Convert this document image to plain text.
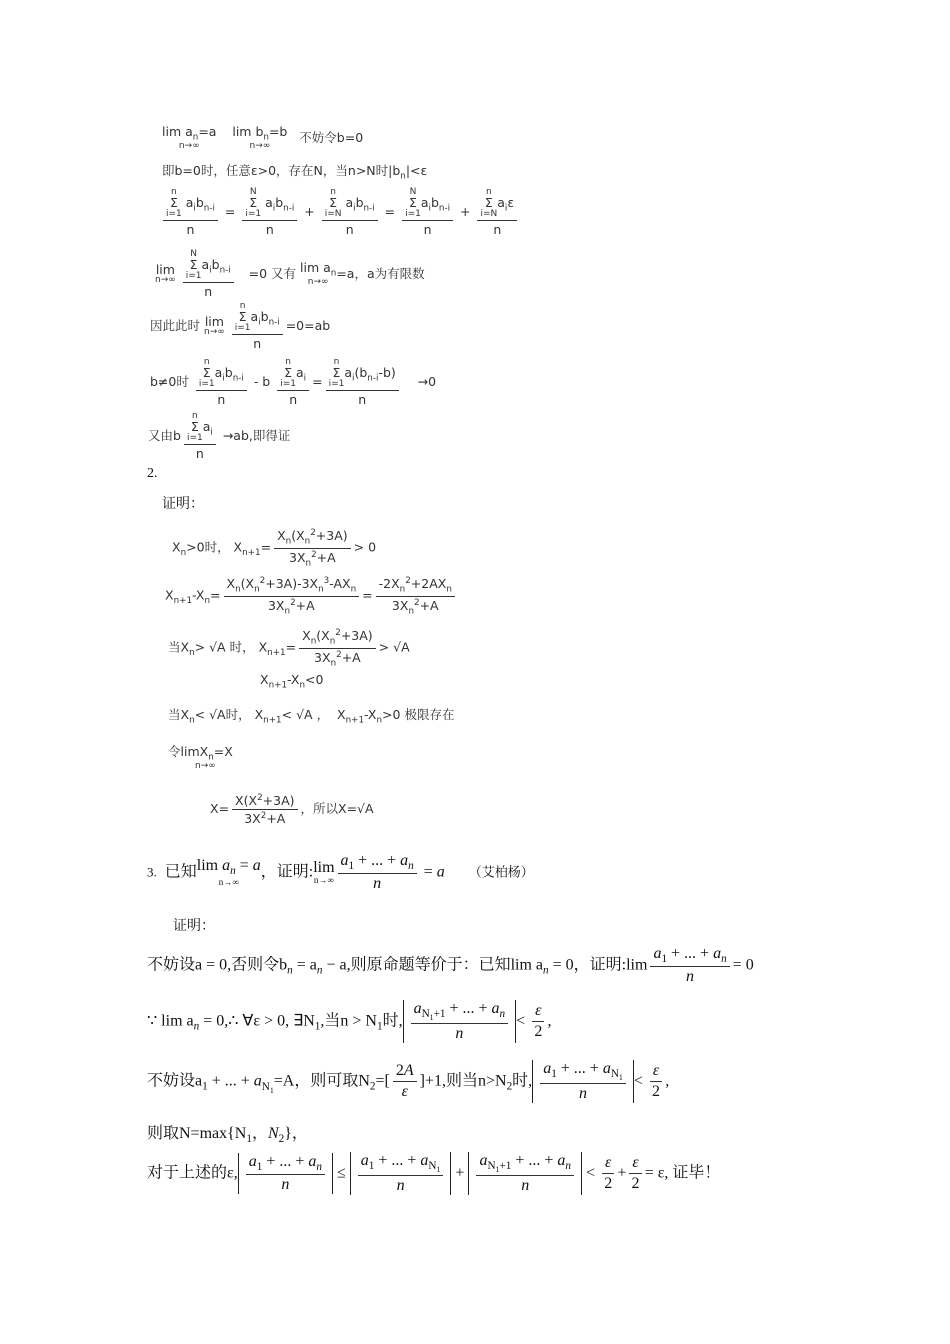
$\lim a_n=a$
n→∞
$\lim b_n=b$
n→∞
不妨令b=0
即b=0时，任意ε>0，存在N，当n>N时$|b_n|<\varepsilon$
n
Σ
i=1
$a_ib_{n-i}$
n = N
Σ
i=1
$a_ib_{n-i}$
n + n
Σ
i=N
$a_ib_{n-i}$
n = N
Σ
i=1
$a_ib_{n-i}$
n + n
Σ
i=N
$a_i\varepsilon$
n
lim
n→∞
N
Σ
i=1
$a_ib_{n-i}$
n =0 又有 $\lim a_n$
n→∞
=a，a为有限数
因此此时 lim
n→∞
n
Σ
i=1
$a_ib_{n-i}$
n =0=ab
b≠0时 n
Σ
i=1
$a_ib_{n-i}$
n - b n
Σ
i=1
$a_i$
n = n
Σ
i=1
$a_i(b_{n-i}-b)$
n →0
又由b n
Σ
i=1
$a_i$
n →ab,即得证
2.
证明：
$X_n>0$时， $X_{n+1}= \frac{X_n(X_n^2+3A)}{3X_n^2+A} > 0$
$X_{n+1}-X_n= \frac{X_n(X_n^2+3A)-3X_n^3-AX_n}{3X_n^2+A} = \frac{-2X_n^2+2AX_n}{3X_n^2+A}$
当$X_n> √A$ 时， $X_{n+1}= \frac{X_n(X_n^2+3A)}{3X_n^2+A} > √A$
$X_{n+1}-X_n<0$
当$X_n< √A$时， $X_{n+1}< √A$ ，  $X_{n+1}-X_n>0$ 极限存在
令limX$_n$=X
n→∞
$X= \frac{X(X^2+3A)}{3X^2+A}$ ，所以X=√A
3. 已知$\lim a_n = a$
n→∞
，证明:lim
$n\to\infty \frac{a_1 + ... + a_n}{n} = a$ （艾柏杨）
证明：
不妨设a = 0,否则令$b_n = a_n - a$,则原命题等价于：已知$\lim a_n = 0$，证明:lim $\frac{a_1 + ... + a_n}{n} = 0$
∵ $\lim a_n$ = 0,∴ ∀ε > 0, $\exists N_1$,当$n > N_1$时, $\frac{a_{N_1+1} + ... + a_n}{n} < \frac{\varepsilon}{2}$ ,
不妨设$a_1$ + ... + $a_{N_1}=A$，则可取$N_2=[ \frac{2A}{\varepsilon} ]+1$,则当$n>N_2$时, $\frac{a_1 + ... + a_{N_1}}{n} < \frac{\varepsilon}{2}$ ,
则取$N=\max\{N_1$，$N_2$}，
对于上述的ε, $\frac{a_1 + ... + a_n}{n} \le \frac{a_1 + ... + a_{N_1}}{n} + \frac{a_{N_1+1} + ... + a_n}{n} < \frac{\varepsilon}{2} + \frac{\varepsilon}{2} = \varepsilon$, 证毕！
